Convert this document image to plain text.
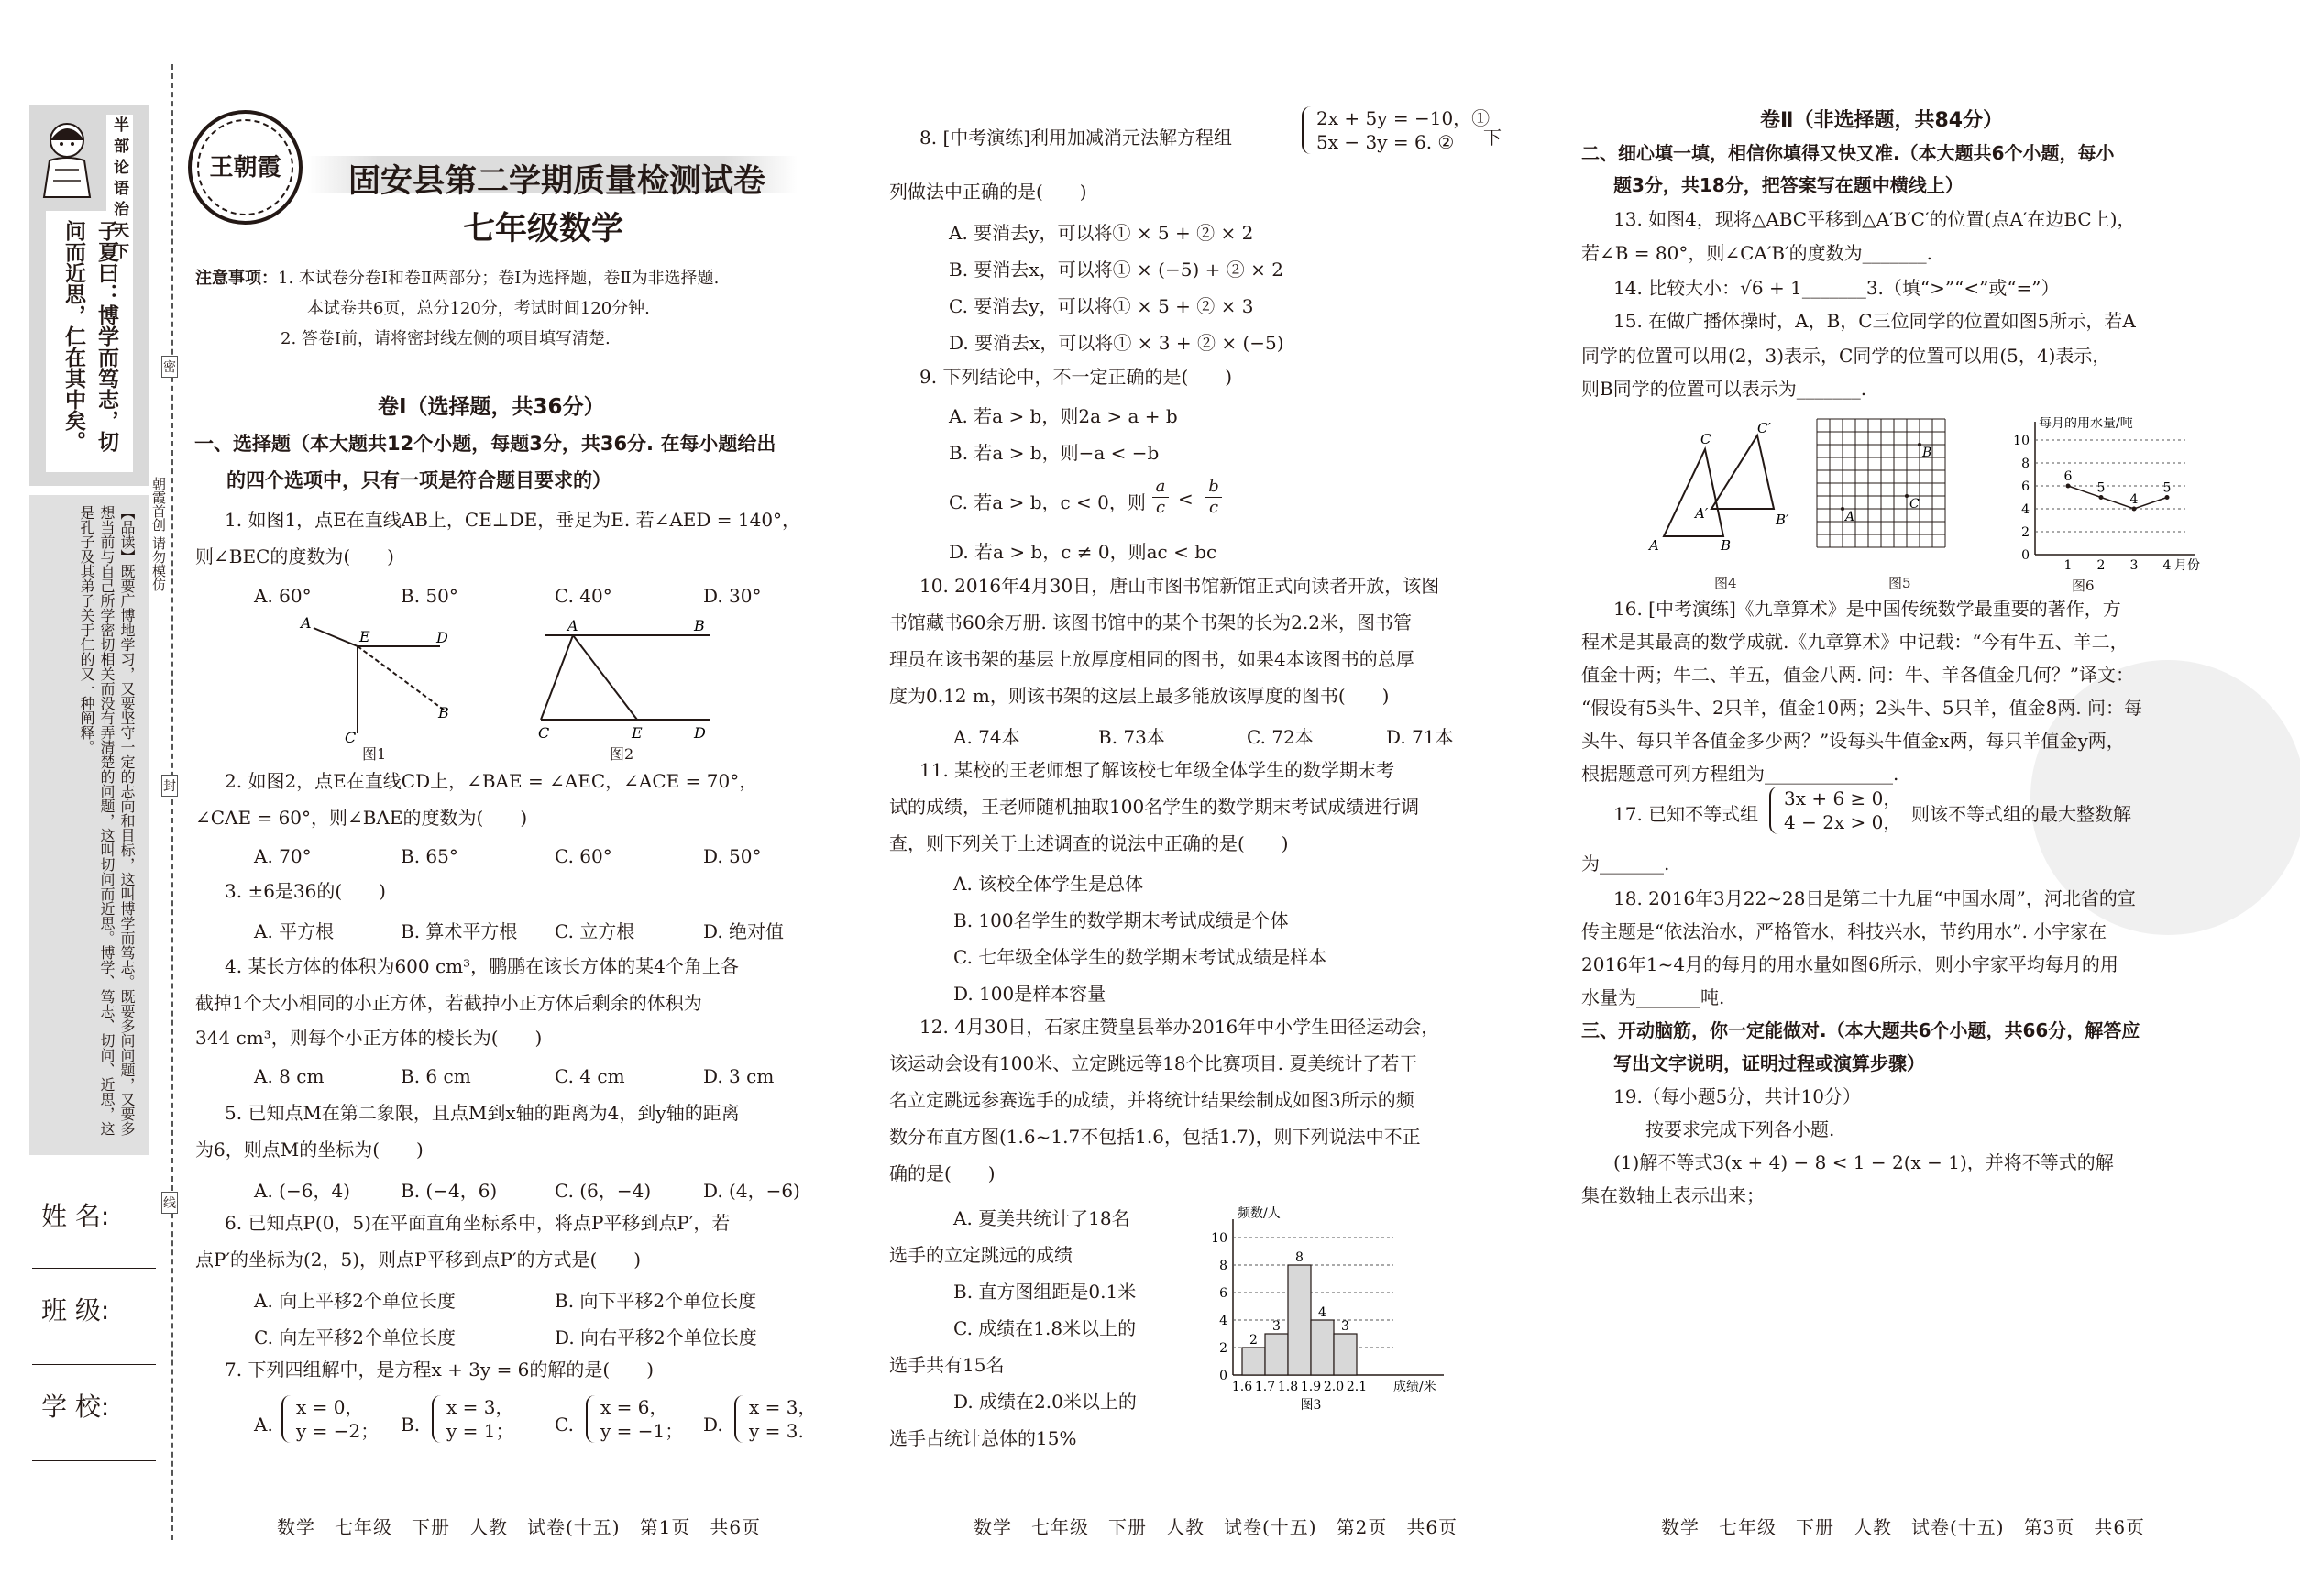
半部论语治天下
子夏曰：博学而笃志，切问而近思，仁在其中矣。
【品读】既要广博地学习，又要坚守一定的志向和目标，这叫博学而笃志。既要多问问题，又要多想当前与自己所学密切相关而没有弄清楚的问题，这叫切问而近思。博学、笃志、切问、近思，这是孔子及其弟子关于仁的又一种阐释。
姓 名:
班 级:
学 校:
密
封
线
朝霞首创 请勿模仿
王朝霞 固安县第二学期质量检测试卷
七年级数学
注意事项：1. 本试卷分卷Ⅰ和卷Ⅱ两部分；卷Ⅰ为选择题，卷Ⅱ为非选择题.
本试卷共6页，总分120分，考试时间120分钟.
2. 答卷Ⅰ前，请将密封线左侧的项目填写清楚.
卷Ⅰ（选择题，共36分）
一、选择题（本大题共12个小题，每题3分，共36分. 在每小题给出
的四个选项中，只有一项是符合题目要求的）
1. 如图1，点E在直线AB上，CE⊥DE，垂足为E. 若∠AED = 140°，
则∠BEC的度数为(　　)
A. 60°	B. 50°	C. 40°	D. 30°
A
E	D
B
C
图1
A	B
C	E	D
图2
2. 如图2，点E在直线CD上，∠BAE = ∠AEC，∠ACE = 70°，
∠CAE = 60°，则∠BAE的度数为(　　)
A. 70°	B. 65°	C. 60°	D. 50°
3. ±6是36的(　　)
A. 平方根	B. 算术平方根 C. 立方根	D. 绝对值
4. 某长方体的体积为600 cm³，鹏鹏在该长方体的某4个角上各
截掉1个大小相同的小正方体，若截掉小正方体后剩余的体积为
344 cm³，则每个小正方体的棱长为(　　)
A. 8 cm	B. 6 cm	C. 4 cm	D. 3 cm
5. 已知点M在第二象限，且点M到x轴的距离为4，到y轴的距离
为6，则点M的坐标为(　　)
A. (−6，4)	B. (−4，6)	C. (6，−4)	D. (4，−6)
6. 已知点P(0，5)在平面直角坐标系中，将点P平移到点P′，若
点P′的坐标为(2，5)，则点P平移到点P′的方式是(　　)
A. 向上平移2个单位长度	B. 向下平移2个单位长度
C. 向左平移2个单位长度	D. 向右平移2个单位长度
7. 下列四组解中，是方程x + 3y = 6的解的是(　　)
A.
x = 0，
y = −2； B.
x = 3，
y = 1； C.
x = 6，
y = −1； D.
x = 3，
y = 3.
数学　七年级　下册　人教　试卷(十五)　第1页　共6页
8. [中考演练]利用加减消元法解方程组
2x + 5y = −10，①
5x − 3y = 6. ②	下
列做法中正确的是(　　)
A. 要消去y，可以将① × 5 + ② × 2
B. 要消去x，可以将① × (−5) + ② × 2
C. 要消去y，可以将① × 5 + ② × 3
D. 要消去x，可以将① × 3 + ② × (−5)
9. 下列结论中，不一定正确的是(　　)
A. 若a > b，则2a > a + b
B. 若a > b，则−a < −b
C. 若a > b，c < 0，则
a
c <
b
c
D. 若a > b，c ≠ 0，则ac < bc
10. 2016年4月30日，唐山市图书馆新馆正式向读者开放，该图
书馆藏书60余万册. 该图书馆中的某个书架的长为2.2米，图书管
理员在该书架的基层上放厚度相同的图书，如果4本该图书的总厚
度为0.12 m，则该书架的这层上最多能放该厚度的图书(　　)
A. 74本	B. 73本	C. 72本	D. 71本
11. 某校的王老师想了解该校七年级全体学生的数学期末考
试的成绩，王老师随机抽取100名学生的数学期末考试成绩进行调
查，则下列关于上述调查的说法中正确的是(　　)
A. 该校全体学生是总体
B. 100名学生的数学期末考试成绩是个体
C. 七年级全体学生的数学期末考试成绩是样本
D. 100是样本容量
12. 4月30日，石家庄赞皇县举办2016年中小学生田径运动会，
该运动会设有100米、立定跳远等18个比赛项目. 夏美统计了若干
名立定跳远参赛选手的成绩，并将统计结果绘制成如图3所示的频
数分布直方图(1.6~1.7不包括1.6，包括1.7)，则下列说法中不正
确的是(　　)
A. 夏美共统计了18名
选手的立定跳远的成绩
B. 直方图组距是0.1米
C. 成绩在1.8米以上的
选手共有15名
D. 成绩在2.0米以上的
选手占统计总体的15%
0
2
4
6
8
10
2
3
8
4
3
1.6 1.7 1.8 1.9 2.0 2.1
频数/人
成绩/米
图3
数学　七年级　下册　人教　试卷(十五)　第2页　共6页
卷Ⅱ（非选择题，共84分）
二、细心填一填，相信你填得又快又准.（本大题共6个小题，每小
题3分，共18分，把答案写在题中横线上）
13. 如图4，现将△ABC平移到△A′B′C′的位置(点A′在边BC上)，
若∠B = 80°，则∠CA′B′的度数为_______.
14. 比较大小：√6 + 1_______3.（填“>”“<”或“=”）
15. 在做广播体操时，A，B，C三位同学的位置如图5所示，若A
同学的位置可以用(2，3)表示，C同学的位置可以用(5，4)表示，
则B同学的位置可以表示为_______.
A
C
B
A′
C′
B′
图4
A
B
C
图5
0
2
4
6
8
10
6
1
5
2
4
3
5
4
每月的用水量/吨
月份
图6
16. [中考演练]《九章算术》是中国传统数学最重要的著作，方
程术是其最高的数学成就.《九章算术》中记载：“今有牛五、羊二，
值金十两；牛二、羊五，值金八两. 问：牛、羊各值金几何？”译文：
“假设有5头牛、2只羊，值金10两；2头牛、5只羊，值金8两. 问：每
头牛、每只羊各值金多少两？”设每头牛值金x两，每只羊值金y两，
根据题意可列方程组为______________.
17. 已知不等式组
3x + 6 ≥ 0，
4 − 2x > 0， 则该不等式组的最大整数解
为_______.
18. 2016年3月22~28日是第二十九届“中国水周”，河北省的宣
传主题是“依法治水，严格管水，科技兴水，节约用水”. 小宇家在
2016年1~4月的每月的用水量如图6所示，则小宇家平均每月的用
水量为_______吨.
三、开动脑筋，你一定能做对.（本大题共6个小题，共66分，解答应
写出文字说明，证明过程或演算步骤）
19.（每小题5分，共计10分）
按要求完成下列各小题.
(1)解不等式3(x + 4) − 8 < 1 − 2(x − 1)，并将不等式的解
集在数轴上表示出来；
数学　七年级　下册　人教　试卷(十五)　第3页　共6页
